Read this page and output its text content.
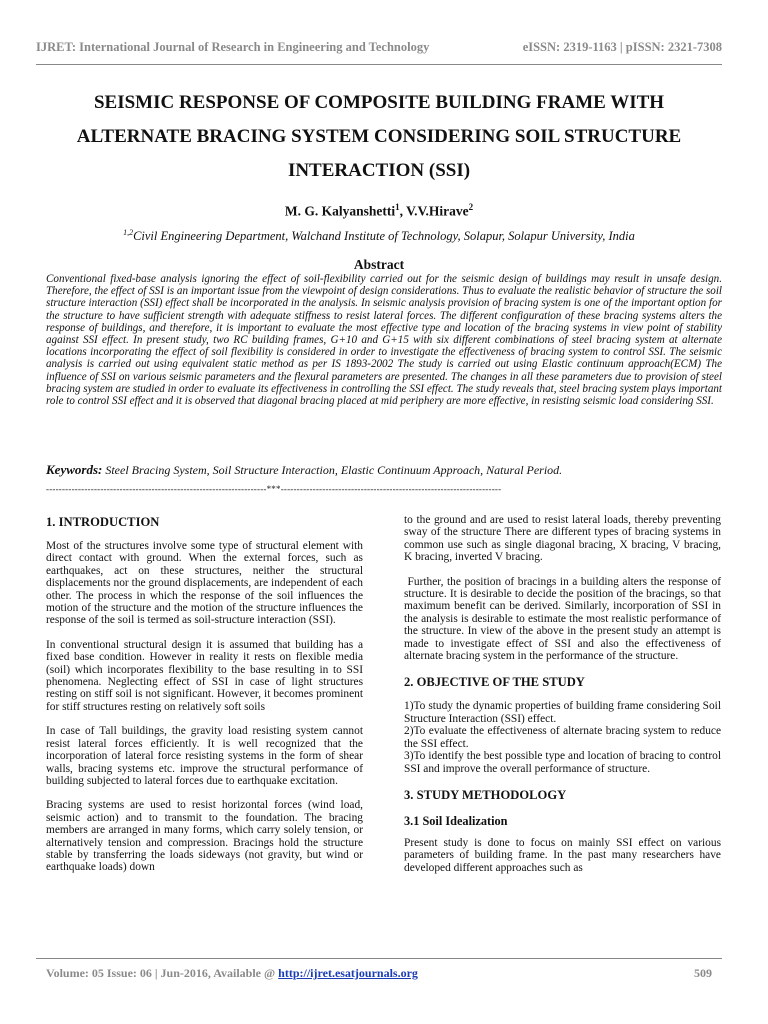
IJRET: International Journal of Research in Engineering and Technology	eISSN: 2319-1163 | pISSN: 2321-7308
SEISMIC RESPONSE OF COMPOSITE BUILDING FRAME WITH
ALTERNATE BRACING SYSTEM CONSIDERING SOIL STRUCTURE
INTERACTION (SSI)
M. G. Kalyanshetti$^1$, V.V.Hirave$^2$
$^{1,2}$Civil Engineering Department, Walchand Institute of Technology, Solapur, Solapur University, India
Abstract

Conventional fixed-base analysis ignoring the effect of soil-flexibility carried out for the seismic design of buildings may result in unsafe design. Therefore, the effect of SSI is an important issue from the viewpoint of design considerations. Thus to evaluate the realistic behavior of structure the soil structure interaction (SSI) effect shall be incorporated in the analysis. In seismic analysis provision of bracing system is one of the important option for the structure to have sufficient strength with adequate stiffness to resist lateral forces. The different configuration of these bracing systems alters the response of buildings, and therefore, it is important to evaluate the most effective type and location of the bracing systems in view point of stability against SSI effect. In present study, two RC building frames, G+10 and G+15 with six different combinations of steel bracing system at alternate locations incorporating the effect of soil flexibility is considered in order to investigate the effectiveness of bracing system to control SSI. The seismic analysis is carried out using equivalent static method as per IS 1893-2002 The study is carried out using Elastic continuum approach(ECM) The influence of SSI on various seismic parameters and the flexural parameters are presented. The changes in all these parameters due to provision of steel bracing system are studied in order to evaluate its effectiveness in controlling the SSI effect. The study reveals that, steel bracing system plays important role to control SSI effect and it is observed that diagonal bracing placed at mid periphery are more effective, in resisting seismic load considering SSI.

Keywords: Steel Bracing System, Soil Structure Interaction, Elastic Continuum Approach, Natural Period.
---------------------------------------------------------------------***---------------------------------------------------------------------
1. INTRODUCTION

Most of the structures involve some type of structural element with direct contact with ground. When the external forces, such as earthquakes, act on these structures, neither the structural displacements nor the ground displacements, are independent of each other. The process in which the response of the soil influences the motion of the structure and the motion of the structure influences the response of the soil is termed as soil-structure interaction (SSI).

In conventional structural design it is assumed that building has a fixed base condition. However in reality it rests on flexible media (soil) which incorporates flexibility to the base resulting in to SSI phenomena. Neglecting effect of SSI in case of light structures resting on stiff soil is not significant. However, it becomes prominent for stiff structures resting on relatively soft soils

In case of Tall buildings, the gravity load resisting system cannot resist lateral forces efficiently. It is well recognized that the incorporation of lateral force resisting systems in the form of shear walls, bracing systems etc. improve the structural performance of building subjected to lateral forces due to earthquake excitation.

Bracing systems are used to resist horizontal forces (wind load, seismic action) and to transmit to the foundation. The bracing members are arranged in many forms, which carry solely tension, or alternatively tension and compression. Bracings hold the structure stable by transferring the loads sideways (not gravity, but wind or earthquake loads) down

to the ground and are used to resist lateral loads, thereby preventing sway of the structure There are different types of bracing systems in common use such as single diagonal bracing, X bracing, V bracing, K bracing, inverted V bracing.

Further, the position of bracings in a building alters the response of structure. It is desirable to decide the position of the bracings, so that maximum benefit can be derived. Similarly, incorporation of SSI in the analysis is desirable to estimate the most realistic performance of the structure. In view of the above in the present study an attempt is made to investigate effect of SSI and also the effectiveness of alternate bracing system in the performance of the structure.

2. OBJECTIVE OF THE STUDY

1)To study the dynamic properties of building frame considering Soil Structure Interaction (SSI) effect.

2)To evaluate the effectiveness of alternate bracing system to reduce the SSI effect.

3)To identify the best possible type and location of bracing to control SSI and improve the overall performance of structure.

3. STUDY METHODOLOGY
3.1 Soil Idealization

Present study is done to focus on mainly SSI effect on various parameters of building frame. In the past many researchers have developed different approaches such as

Volume: 05 Issue: 06 | Jun-2016, Available @ http://ijret.esatjournals.org	509
